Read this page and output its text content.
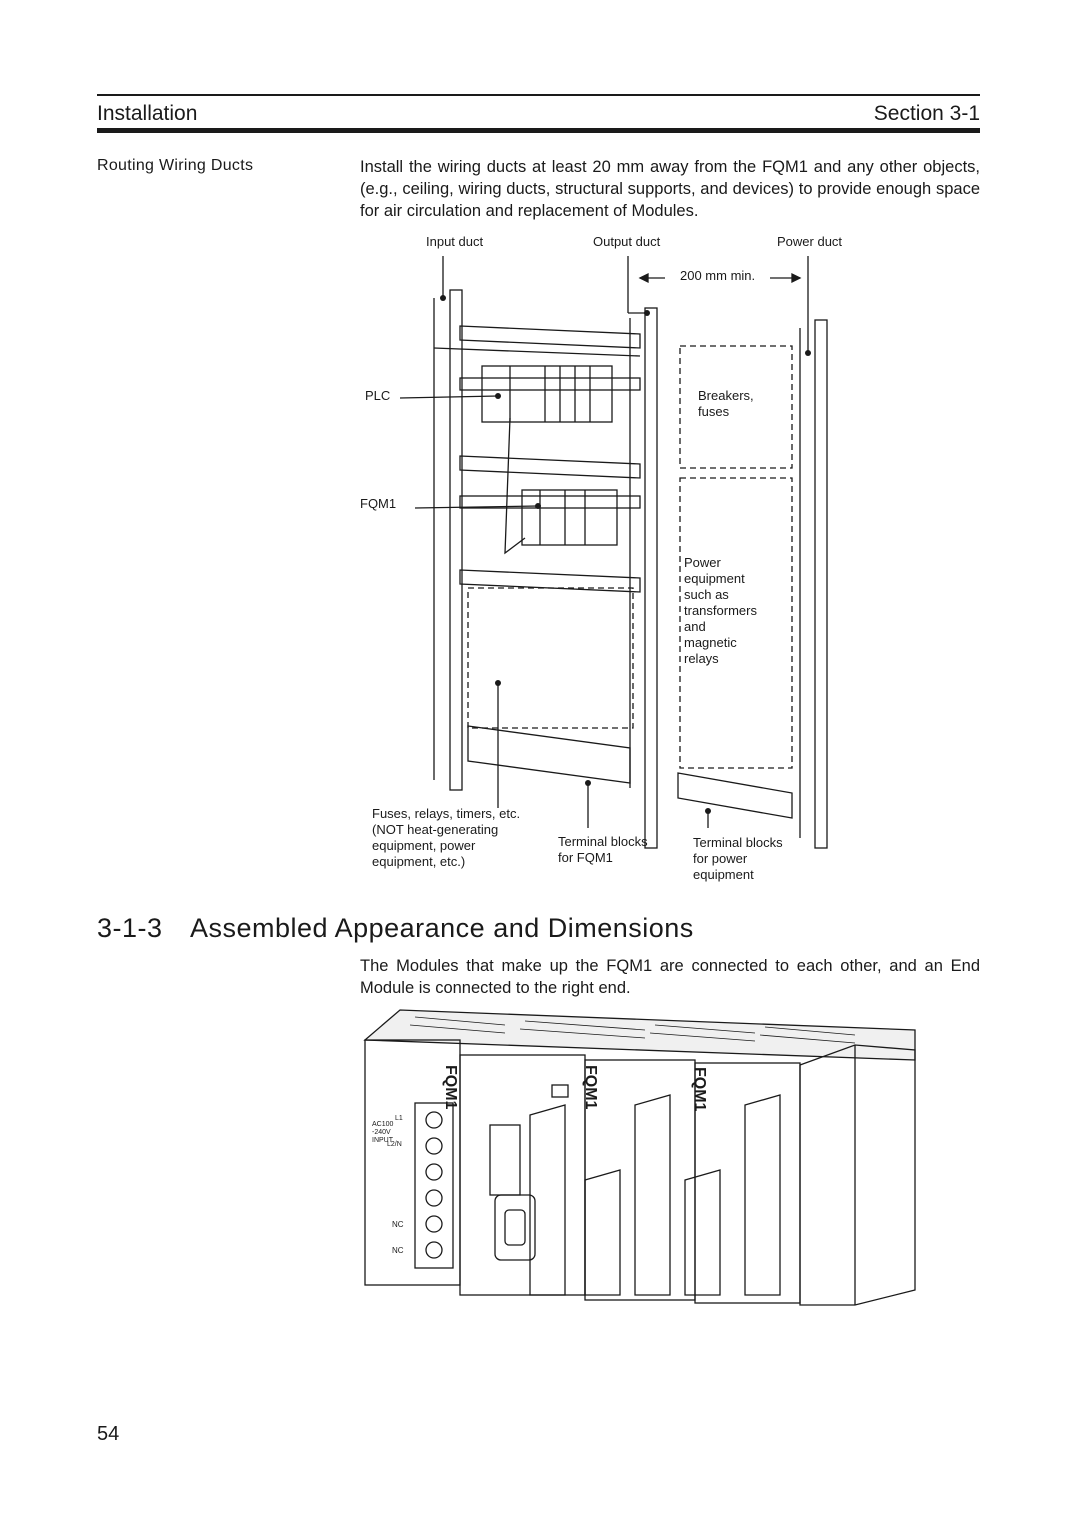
Installation	Section 3-1
Routing Wiring Ducts	Install the wiring ducts at least 20 mm away from the FQM1 and any other objects, (e.g., ceiling, wiring ducts, structural supports, and devices) to provide enough space for air circulation and replacement of Modules.
Input duct	Output duct	Power duct
200 mm min.
PLC
FQM1
Breakers,
fuses
Power
equipment
such as
transformers
and
magnetic
relays
Fuses, relays, timers, etc.
(NOT heat-generating
equipment, power
equipment, etc.)
Terminal blocks
for FQM1
Terminal blocks
for power
equipment
3-1-3 Assembled Appearance and Dimensions
The Modules that make up the FQM1 are connected to each other, and an End Module is connected to the right end.
FQM1	FQM1	FQM1
AC100
-240V
INPUT
L1
L2/N
NC
NC
54
